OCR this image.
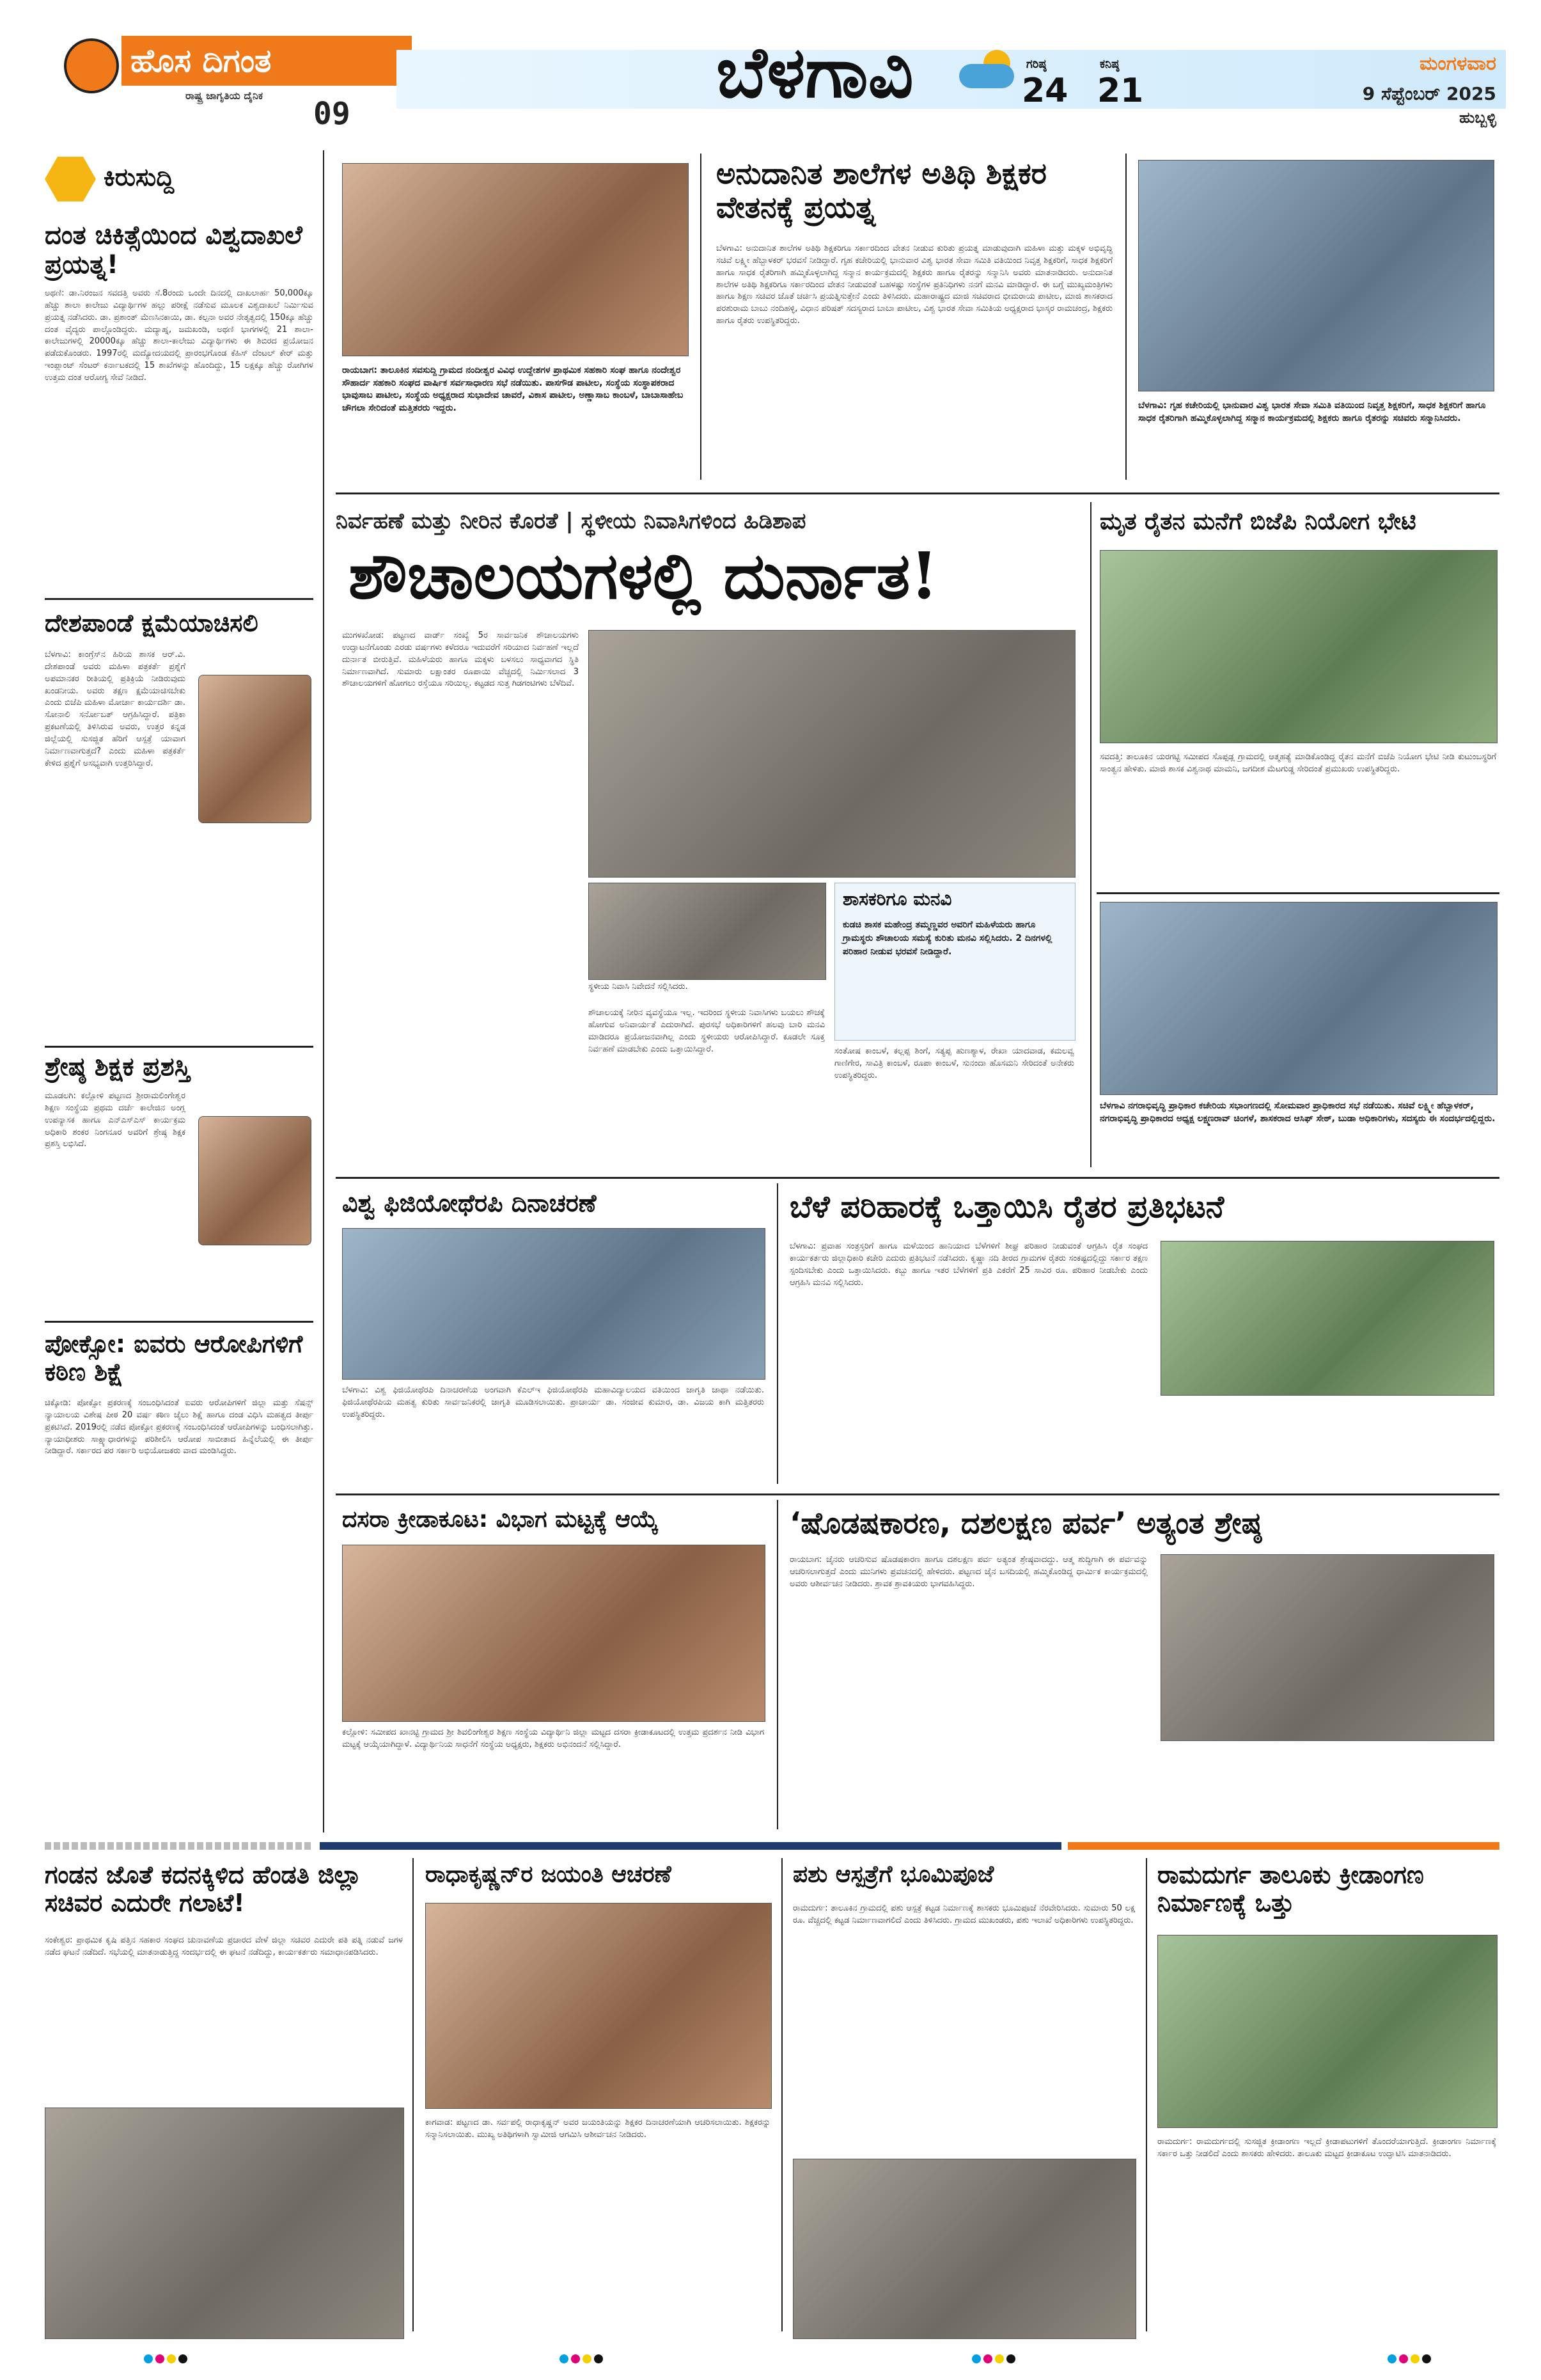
ಹೊಸ ದಿಗಂತ
ರಾಷ್ಟ್ರ ಜಾಗೃತಿಯ ದೈನಿಕ
09
ಬೆಳಗಾವಿ	ಗರಿಷ್ಠ
24
ಕನಿಷ್ಠ
21
ಮಂಗಳವಾರ
9 ಸೆಪ್ಟೆಂಬರ್ 2025
ಹುಬ್ಬಳ್ಳಿ
ಕಿರುಸುದ್ದಿ
ದಂತ ಚಿಕಿತ್ಸೆಯಿಂದ ವಿಶ್ವದಾಖಲೆ ಪ್ರಯತ್ನ!
ಅಥಣಿ: ಡಾ.ನಿರಂಜನ ಸವದತ್ತಿ ಅವರು ಸೆ.8ರಂದು ಒಂದೇ ದಿನದಲ್ಲಿ ದಾಖಲಾರ್ಹ 50,000ಕ್ಕೂ ಹೆಚ್ಚು ಶಾಲಾ ಕಾಲೇಜು ವಿದ್ಯಾರ್ಥಿಗಳ ಹಲ್ಲು ಪರೀಕ್ಷೆ ನಡೆಸುವ ಮೂಲಕ ವಿಶ್ವದಾಖಲೆ ನಿರ್ಮಿಸುವ ಪ್ರಯತ್ನ ನಡೆಸಿದರು. ಡಾ. ಪ್ರಶಾಂತ್ ಮೆಣಸಿನಕಾಯಿ, ಡಾ. ಕಲ್ಪನಾ ಅವರ ನೇತೃತ್ವದಲ್ಲಿ 150ಕ್ಕೂ ಹೆಚ್ಚು ದಂತ ವೈದ್ಯರು ಪಾಲ್ಗೊಂಡಿದ್ದರು. ಮದ್ಯಾಹ್ನ, ಜಮಖಂಡಿ, ಅಥಣಿ ಭಾಗಗಳಲ್ಲಿ 21 ಶಾಲಾ-ಕಾಲೇಜುಗಳಲ್ಲಿ 20000ಕ್ಕೂ ಹೆಚ್ಚು ಶಾಲಾ-ಕಾಲೇಜು ವಿದ್ಯಾರ್ಥಿಗಳು ಈ ಶಿಬಿರದ ಪ್ರಯೋಜನ ಪಡೆದುಕೊಂಡರು. 1997ರಲ್ಲಿ ಮದ್ಯೋದಯದಲ್ಲಿ ಪ್ರಾರಂಭಗೊಂಡ ಕೆಹಿಸ್ ದೆಂಟಲ್ ಕೇರ್ ಮತ್ತು ಇಂಪ್ಲಾಂಟ್ ಸೆಂಟರ್ ಕರ್ನಾಟಕದಲ್ಲಿ 15 ಶಾಖೆಗಳನ್ನು ಹೊಂದಿದ್ದು, 15 ಲಕ್ಷಕ್ಕೂ ಹೆಚ್ಚು ರೋಗಿಗಳ ಉತ್ತಮ ದಂತ ಆರೋಗ್ಯ ಸೇವೆ ನೀಡಿದೆ.
ದೇಶಪಾಂಡೆ ಕ್ಷಮೆಯಾಚಿಸಲಿ
ಬೆಳಗಾವಿ: ಕಾಂಗ್ರೆಸ್‌ನ ಹಿರಿಯ ಶಾಸಕ ಆರ್.ವಿ. ದೇಶಪಾಂಡೆ ಅವರು ಮಹಿಳಾ ಪತ್ರಕರ್ತೆ ಪ್ರಶ್ನೆಗೆ ಅಪಮಾನಕರ ರೀತಿಯಲ್ಲಿ ಪ್ರತಿಕ್ರಿಯೆ ನೀಡಿರುವುದು ಖಂಡನೀಯ. ಅವರು ತಕ್ಷಣ ಕ್ಷಮೆಯಾಚಿಸಬೇಕು ಎಂದು ಬಿಜೆಪಿ ಮಹಿಳಾ ಮೋರ್ಚಾ ಕಾರ್ಯದರ್ಶಿ ಡಾ. ಸೋನಾಲಿ ಸರ್ನೋಬತ್ ಆಗ್ರಹಿಸಿದ್ದಾರೆ. ಪತ್ರಿಕಾ ಪ್ರಕಟಣೆಯಲ್ಲಿ ತಿಳಿಸಿರುವ ಅವರು, ಉತ್ತರ ಕನ್ನಡ ಜಿಲ್ಲೆಯಲ್ಲಿ ಸುಸಜ್ಜಿತ ಹೆರಿಗೆ ಆಸ್ಪತ್ರೆ ಯಾವಾಗ ನಿರ್ಮಾಣವಾಗುತ್ತದೆ? ಎಂದು ಮಹಿಳಾ ಪತ್ರಕರ್ತೆ ಕೇಳಿದ ಪ್ರಶ್ನೆಗೆ ಅಸಭ್ಯವಾಗಿ ಉತ್ತರಿಸಿದ್ದಾರೆ.
ಶ್ರೇಷ್ಠ ಶಿಕ್ಷಕ ಪ್ರಶಸ್ತಿ
ಮೂಡಲಗಿ: ಕಲ್ಲೋಳಿ ಪಟ್ಟಣದ ಶ್ರೀರಾಮಲಿಂಗೇಶ್ವರ ಶಿಕ್ಷಣ ಸಂಸ್ಥೆಯ ಪ್ರಥಮ ದರ್ಜೆ ಕಾಲೇಜಿನ ಅಂಗ್ಲ ಉಪನ್ಯಾಸಕ ಹಾಗೂ ಎನ್‌ಎಸ್‌ಎಸ್ ಕಾರ್ಯಕ್ರಮ ಅಧಿಕಾರಿ ಶಂಕರ ನಿಂಗನೂರ ಅವರಿಗೆ ಶ್ರೇಷ್ಠ ಶಿಕ್ಷಕ ಪ್ರಶಸ್ತಿ ಲಭಿಸಿದೆ.
ಪೋಕ್ಸೋ: ಐವರು ಆರೋಪಿಗಳಿಗೆ ಕಠಿಣ ಶಿಕ್ಷೆ
ಚಿಕ್ಕೋಡಿ: ಪೋಕ್ಸೋ ಪ್ರಕರಣಕ್ಕೆ ಸಂಬಂಧಿಸಿದಂತೆ ಐವರು ಆರೋಪಿಗಳಿಗೆ ಜಿಲ್ಲಾ ಮತ್ತು ಸೆಷನ್ಸ್ ನ್ಯಾಯಾಲಯ ವಿಶೇಷ ಪೀಠ 20 ವರ್ಷ ಕಠಿಣ ಜೈಲು ಶಿಕ್ಷೆ ಹಾಗೂ ದಂಡ ವಿಧಿಸಿ ಮಹತ್ವದ ತೀರ್ಪು ಪ್ರಕಟಿಸಿದೆ. 2019ರಲ್ಲಿ ನಡೆದ ಪೋಕ್ಸೋ ಪ್ರಕರಣಕ್ಕೆ ಸಂಬಂಧಿಸಿದಂತೆ ಆರೋಪಿಗಳನ್ನು ಬಂಧಿಸಲಾಗಿತ್ತು. ನ್ಯಾಯಾಧೀಶರು ಸಾಕ್ಷ್ಯಾಧಾರಗಳನ್ನು ಪರಿಶೀಲಿಸಿ ಆರೋಪ ಸಾಬೀತಾದ ಹಿನ್ನೆಲೆಯಲ್ಲಿ ಈ ತೀರ್ಪು ನೀಡಿದ್ದಾರೆ. ಸರ್ಕಾರದ ಪರ ಸರ್ಕಾರಿ ಅಭಿಯೋಜಕರು ವಾದ ಮಂಡಿಸಿದ್ದರು.
ರಾಯಬಾಗ: ತಾಲೂಕಿನ ಸವಸುದ್ದಿ ಗ್ರಾಮದ ನಂದೀಶ್ವರ ವಿವಿಧ ಉದ್ದೇಶಗಳ ಪ್ರಾಥಮಿಕ ಸಹಕಾರಿ ಸಂಘ ಹಾಗೂ ನಂದೇಶ್ವರ ಸೌಹಾರ್ದ ಸಹಕಾರಿ ಸಂಘದ ವಾರ್ಷಿಕ ಸರ್ವಸಾಧಾರಣ ಸಭೆ ನಡೆಯಿತು. ಪಾಸಗೌಡ ಪಾಟೀಲ, ಸಂಸ್ಥೆಯ ಸಂಸ್ಥಾಪಕರಾದ ಭಾವುಸಾಬ ಪಾಟೀಲ, ಸಂಸ್ಥೆಯ ಅಧ್ಯಕ್ಷರಾದ ಸುಭಾದೇವ ಚಾವರೆ, ವಿಕಾಸ ಪಾಟೀಲ, ಅಣ್ಣಾಸಾಬ ಕಾಂಬಳೆ, ಬಾಬಾಸಾಹೇಬ ಚೌಗಲಾ ಸೇರಿದಂತೆ ಮತ್ತಿತರರು ಇದ್ದರು.
ಅನುದಾನಿತ ಶಾಲೆಗಳ ಅತಿಥಿ ಶಿಕ್ಷಕರ ವೇತನಕ್ಕೆ ಪ್ರಯತ್ನ
ಬೆಳಗಾವಿ: ಅನುದಾನಿತ ಶಾಲೆಗಳ ಅತಿಥಿ ಶಿಕ್ಷಕರಿಗೂ ಸರ್ಕಾರದಿಂದ ವೇತನ ನೀಡುವ ಕುರಿತು ಪ್ರಯತ್ನ ಮಾಡುವುದಾಗಿ ಮಹಿಳಾ ಮತ್ತು ಮಕ್ಕಳ ಅಭಿವೃದ್ಧಿ ಸಚಿವೆ ಲಕ್ಷ್ಮೀ ಹೆಬ್ಬಾಳಕರ್ ಭರವಸೆ ನೀಡಿದ್ದಾರೆ. ಗೃಹ ಕಚೇರಿಯಲ್ಲಿ ಭಾನುವಾರ ವಿಶ್ವ ಭಾರತ ಸೇವಾ ಸಮಿತಿ ವತಿಯಿಂದ ನಿವೃತ್ತ ಶಿಕ್ಷಕರಿಗೆ, ಸಾಧಕ ಶಿಕ್ಷಕರಿಗೆ ಹಾಗೂ ಸಾಧಕ ರೈತರಿಗಾಗಿ ಹಮ್ಮಿಕೊಳ್ಳಲಾಗಿದ್ದ ಸನ್ಮಾನ ಕಾರ್ಯಕ್ರಮದಲ್ಲಿ ಶಿಕ್ಷಕರು ಹಾಗೂ ರೈತರನ್ನು ಸನ್ಮಾನಿಸಿ ಅವರು ಮಾತನಾಡಿದರು. ಅನುದಾನಿತ ಶಾಲೆಗಳ ಅತಿಥಿ ಶಿಕ್ಷಕರಿಗೂ ಸರ್ಕಾರದಿಂದ ವೇತನ ನೀಡುವಂತೆ ಬಹಳಷ್ಟು ಸಂಸ್ಥೆಗಳ ಪ್ರತಿನಿಧಿಗಳು ನನಗೆ ಮನವಿ ಮಾಡಿದ್ದಾರೆ. ಈ ಬಗ್ಗೆ ಮುಖ್ಯಮಂತ್ರಿಗಳು ಹಾಗೂ ಶಿಕ್ಷಣ ಸಚಿವರ ಜೊತೆ ಚರ್ಚಿಸಿ ಪ್ರಯತ್ನಿಸುತ್ತೇನೆ ಎಂದು ತಿಳಿಸಿದರು. ಮಹಾರಾಷ್ಟ್ರದ ಮಾಜಿ ಸಚಿವರಾದ ಭೀಮರಾಯ ಪಾಟೀಲ, ಮಾಜಿ ಶಾಸಕರಾದ ಪರಶುರಾಮ ಬಾಬು ನಂದಿಹಳ್ಳಿ, ವಿಧಾನ ಪರಿಷತ್ ಸದಸ್ಯರಾದ ಬಾಬಾ ಪಾಟೀಲ, ವಿಶ್ವ ಭಾರತ ಸೇವಾ ಸಮಿತಿಯ ಅಧ್ಯಕ್ಷರಾದ ಭಾಸ್ಕರ ರಾಮಚಂದ್ರ, ಶಿಕ್ಷಕರು ಹಾಗೂ ರೈತರು ಉಪಸ್ಥಿತರಿದ್ದರು.
ಬೆಳಗಾವಿ: ಗೃಹ ಕಚೇರಿಯಲ್ಲಿ ಭಾನುವಾರ ವಿಶ್ವ ಭಾರತ ಸೇವಾ ಸಮಿತಿ ವತಿಯಿಂದ ನಿವೃತ್ತ ಶಿಕ್ಷಕರಿಗೆ, ಸಾಧಕ ಶಿಕ್ಷಕರಿಗೆ ಹಾಗೂ ಸಾಧಕ ರೈತರಿಗಾಗಿ ಹಮ್ಮಿಕೊಳ್ಳಲಾಗಿದ್ದ ಸನ್ಮಾನ ಕಾರ್ಯಕ್ರಮದಲ್ಲಿ ಶಿಕ್ಷಕರು ಹಾಗೂ ರೈತರನ್ನು ಸಚಿವರು ಸನ್ಮಾನಿಸಿದರು.
ನಿರ್ವಹಣೆ ಮತ್ತು ನೀರಿನ ಕೊರತೆ | ಸ್ಥಳೀಯ ನಿವಾಸಿಗಳಿಂದ ಹಿಡಿಶಾಪ
ಶೌಚಾಲಯಗಳಲ್ಲಿ ದುರ್ನಾತ!
ಮುಗಳಖೋಡ: ಪಟ್ಟಣದ ವಾರ್ಡ್ ಸಂಖ್ಯೆ 5ರ ಸಾರ್ವಜನಿಕ ಶೌಚಾಲಯಗಳು ಉದ್ಘಾಟನೆಗೊಂಡು ಎರಡು ವರ್ಷಗಳು ಕಳೆದರೂ ಇದುವರೆಗೆ ಸರಿಯಾದ ನಿರ್ವಹಣೆ ಇಲ್ಲದೆ ದುರ್ನಾತ ಬೀರುತ್ತಿವೆ. ಮಹಿಳೆಯರು ಹಾಗೂ ಮಕ್ಕಳು ಬಳಸಲು ಸಾಧ್ಯವಾಗದ ಸ್ಥಿತಿ ನಿರ್ಮಾಣವಾಗಿದೆ. ಸುಮಾರು ಲಕ್ಷಾಂತರ ರೂಪಾಯಿ ವೆಚ್ಚದಲ್ಲಿ ನಿರ್ಮಿಸಲಾದ 3 ಶೌಚಾಲಯಗಳಿಗೆ ಹೋಗಲು ರಸ್ತೆಯೂ ಸರಿಯಿಲ್ಲ. ಕಟ್ಟಡದ ಸುತ್ತ ಗಿಡಗಂಟಿಗಳು ಬೆಳೆದಿವೆ.
ಸ್ಥಳೀಯ ನಿವಾಸಿ ನಿವೇದನೆ ಸಲ್ಲಿಸಿದರು.
ಶಾಸಕರಿಗೂ ಮನವಿ
ಕುಡಚಿ ಶಾಸಕ ಮಹೇಂದ್ರ ತಮ್ಮಣ್ಣವರ ಅವರಿಗೆ ಮಹಿಳೆಯರು ಹಾಗೂ ಗ್ರಾಮಸ್ಥರು ಶೌಚಾಲಯ ಸಮಸ್ಯೆ ಕುರಿತು ಮನವಿ ಸಲ್ಲಿಸಿದರು. 2 ದಿನಗಳಲ್ಲಿ ಪರಿಹಾರ ನೀಡುವ ಭರವಸೆ ನೀಡಿದ್ದಾರೆ.
ಶೌಚಾಲಯಕ್ಕೆ ನೀರಿನ ವ್ಯವಸ್ಥೆಯೂ ಇಲ್ಲ. ಇದರಿಂದ ಸ್ಥಳೀಯ ನಿವಾಸಿಗಳು ಬಯಲು ಶೌಚಕ್ಕೆ ಹೋಗುವ ಅನಿವಾರ್ಯತೆ ಎದುರಾಗಿದೆ. ಪುರಸಭೆ ಅಧಿಕಾರಿಗಳಿಗೆ ಹಲವು ಬಾರಿ ಮನವಿ ಮಾಡಿದರೂ ಪ್ರಯೋಜನವಾಗಿಲ್ಲ ಎಂದು ಸ್ಥಳೀಯರು ಆರೋಪಿಸಿದ್ದಾರೆ. ಕೂಡಲೇ ಸೂಕ್ತ ನಿರ್ವಹಣೆ ಮಾಡಬೇಕು ಎಂದು ಒತ್ತಾಯಿಸಿದ್ದಾರೆ.	ಸಂತೋಷ ಕಾಂಬಳೆ, ಕಲ್ಲಪ್ಪ ಶಿಂಗೆ, ಸತ್ಯಪ್ಪ ಹುಣಶ್ಯಾಳ, ರೇಖಾ ಯಾದವಾಡ, ಕಮಲವ್ವ ಗಾಣಿಗೇರ, ಸಾವಿತ್ರಿ ಕಾಂಬಳೆ, ರೂಪಾ ಕಾಂಬಳೆ, ಸುನಂದಾ ಹೊಸಮನಿ ಸೇರಿದಂತೆ ಅನೇಕರು ಉಪಸ್ಥಿತರಿದ್ದರು.
ಮೃತ ರೈತನ ಮನೆಗೆ ಬಿಜೆಪಿ ನಿಯೋಗ ಭೇಟಿ
ಸವದತ್ತಿ: ತಾಲೂಕಿನ ಯರಗಟ್ಟಿ ಸಮೀಪದ ಸೊಪ್ಪಡ್ಲ ಗ್ರಾಮದಲ್ಲಿ ಆತ್ಮಹತ್ಯೆ ಮಾಡಿಕೊಂಡಿದ್ದ ರೈತನ ಮನೆಗೆ ಬಿಜೆಪಿ ನಿಯೋಗ ಭೇಟಿ ನೀಡಿ ಕುಟುಂಬಸ್ಥರಿಗೆ ಸಾಂತ್ವನ ಹೇಳಿತು. ಮಾಜಿ ಶಾಸಕ ವಿಶ್ವನಾಥ ಮಾಮನಿ, ಜಗದೀಶ ಮೆಟಗುಡ್ಡ ಸೇರಿದಂತೆ ಪ್ರಮುಖರು ಉಪಸ್ಥಿತರಿದ್ದರು.
ಬೆಳಗಾವಿ ನಗರಾಭಿವೃದ್ಧಿ ಪ್ರಾಧಿಕಾರ ಕಚೇರಿಯ ಸಭಾಂಗಣದಲ್ಲಿ ಸೋಮವಾರ ಪ್ರಾಧಿಕಾರದ ಸಭೆ ನಡೆಯಿತು. ಸಚಿವೆ ಲಕ್ಷ್ಮೀ ಹೆಬ್ಬಾಳಕರ್, ನಗರಾಭಿವೃದ್ಧಿ ಪ್ರಾಧಿಕಾರದ ಅಧ್ಯಕ್ಷ ಲಕ್ಷ್ಮಣರಾವ್ ಚಿಂಗಳೆ, ಶಾಸಕರಾದ ಆಸಿಫ್ ಸೇಠ್, ಬುಡಾ ಅಧಿಕಾರಿಗಳು, ಸದಸ್ಯರು ಈ ಸಂದರ್ಭದಲ್ಲಿದ್ದರು.
ವಿಶ್ವ ಫಿಜಿಯೋಥೆರಪಿ ದಿನಾಚರಣೆ
ಬೆಳಗಾವಿ: ವಿಶ್ವ ಫಿಜಿಯೋಥೆರಪಿ ದಿನಾಚರಣೆಯ ಅಂಗವಾಗಿ ಕೆಎಲ್‌ಇ ಫಿಜಿಯೋಥೆರಪಿ ಮಹಾವಿದ್ಯಾಲಯದ ವತಿಯಿಂದ ಜಾಗೃತಿ ಜಾಥಾ ನಡೆಯಿತು. ಫಿಜಿಯೋಥೆರಪಿಯ ಮಹತ್ವ ಕುರಿತು ಸಾರ್ವಜನಿಕರಲ್ಲಿ ಜಾಗೃತಿ ಮೂಡಿಸಲಾಯಿತು. ಪ್ರಾಚಾರ್ಯ ಡಾ. ಸಂಜೀವ ಕುಮಾರ, ಡಾ. ವಿಜಯ ಕಾಗಿ ಮತ್ತಿತರರು ಉಪಸ್ಥಿತರಿದ್ದರು.
ಬೆಳೆ ಪರಿಹಾರಕ್ಕೆ ಒತ್ತಾಯಿಸಿ ರೈತರ ಪ್ರತಿಭಟನೆ
ಬೆಳಗಾವಿ: ಪ್ರವಾಹ ಸಂತ್ರಸ್ತರಿಗೆ ಹಾಗೂ ಮಳೆಯಿಂದ ಹಾನಿಯಾದ ಬೆಳೆಗಳಿಗೆ ಶೀಘ್ರ ಪರಿಹಾರ ನೀಡುವಂತೆ ಆಗ್ರಹಿಸಿ ರೈತ ಸಂಘದ ಕಾರ್ಯಕರ್ತರು ಜಿಲ್ಲಾಧಿಕಾರಿ ಕಚೇರಿ ಎದುರು ಪ್ರತಿಭಟನೆ ನಡೆಸಿದರು. ಕೃಷ್ಣಾ ನದಿ ತೀರದ ಗ್ರಾಮಗಳ ರೈತರು ಸಂಕಷ್ಟದಲ್ಲಿದ್ದು ಸರ್ಕಾರ ತಕ್ಷಣ ಸ್ಪಂದಿಸಬೇಕು ಎಂದು ಒತ್ತಾಯಿಸಿದರು. ಕಬ್ಬು ಹಾಗೂ ಇತರ ಬೆಳೆಗಳಿಗೆ ಪ್ರತಿ ಎಕರೆಗೆ 25 ಸಾವಿರ ರೂ. ಪರಿಹಾರ ನೀಡಬೇಕು ಎಂದು ಆಗ್ರಹಿಸಿ ಮನವಿ ಸಲ್ಲಿಸಿದರು.
ದಸರಾ ಕ್ರೀಡಾಕೂಟ: ವಿಭಾಗ ಮಟ್ಟಕ್ಕೆ ಆಯ್ಕೆ
ಕಲ್ಲೋಳಿ: ಸಮೀಪದ ಖಾನಟ್ಟಿ ಗ್ರಾಮದ ಶ್ರೀ ಶಿವಲಿಂಗೇಶ್ವರ ಶಿಕ್ಷಣ ಸಂಸ್ಥೆಯ ವಿದ್ಯಾರ್ಥಿನಿ ಜಿಲ್ಲಾ ಮಟ್ಟದ ದಸರಾ ಕ್ರೀಡಾಕೂಟದಲ್ಲಿ ಉತ್ತಮ ಪ್ರದರ್ಶನ ನೀಡಿ ವಿಭಾಗ ಮಟ್ಟಕ್ಕೆ ಆಯ್ಕೆಯಾಗಿದ್ದಾಳೆ. ವಿದ್ಯಾರ್ಥಿನಿಯ ಸಾಧನೆಗೆ ಸಂಸ್ಥೆಯ ಅಧ್ಯಕ್ಷರು, ಶಿಕ್ಷಕರು ಅಭಿನಂದನೆ ಸಲ್ಲಿಸಿದ್ದಾರೆ.
‘ಷೊಡಷಕಾರಣ, ದಶಲಕ್ಷಣ ಪರ್ವ’ ಅತ್ಯಂತ ಶ್ರೇಷ್ಠ
ರಾಯಬಾಗ: ಜೈನರು ಆಚರಿಸುವ ಷೊಡಷಕಾರಣ ಹಾಗೂ ದಶಲಕ್ಷಣ ಪರ್ವ ಅತ್ಯಂತ ಶ್ರೇಷ್ಠವಾದದ್ದು. ಆತ್ಮ ಶುದ್ಧಿಗಾಗಿ ಈ ಪರ್ವವನ್ನು ಆಚರಿಸಲಾಗುತ್ತದೆ ಎಂದು ಮುನಿಗಳು ಪ್ರವಚನದಲ್ಲಿ ಹೇಳಿದರು. ಪಟ್ಟಣದ ಜೈನ ಬಸದಿಯಲ್ಲಿ ಹಮ್ಮಿಕೊಂಡಿದ್ದ ಧಾರ್ಮಿಕ ಕಾರ್ಯಕ್ರಮದಲ್ಲಿ ಅವರು ಆಶೀರ್ವಚನ ನೀಡಿದರು. ಶ್ರಾವಕ ಶ್ರಾವಕಿಯರು ಭಾಗವಹಿಸಿದ್ದರು.
ಗಂಡನ ಜೊತೆ ಕದನಕ್ಕಿಳಿದ ಹೆಂಡತಿ ಜಿಲ್ಲಾ ಸಚಿವರ ಎದುರೇ ಗಲಾಟೆ!
ಸಂಕೇಶ್ವರ: ಪ್ರಾಥಮಿಕ ಕೃಷಿ ಪತ್ತಿನ ಸಹಕಾರ ಸಂಘದ ಚುನಾವಣೆಯ ಪ್ರಚಾರದ ವೇಳೆ ಜಿಲ್ಲಾ ಸಚಿವರ ಎದುರೇ ಪತಿ ಪತ್ನಿ ನಡುವೆ ಜಗಳ ನಡೆದ ಘಟನೆ ನಡೆದಿದೆ. ಸಭೆಯಲ್ಲಿ ಮಾತನಾಡುತ್ತಿದ್ದ ಸಂದರ್ಭದಲ್ಲಿ ಈ ಘಟನೆ ನಡೆದಿದ್ದು, ಕಾರ್ಯಕರ್ತರು ಸಮಾಧಾನಪಡಿಸಿದರು.
ರಾಧಾಕೃಷ್ಣನ್‌ರ ಜಯಂತಿ ಆಚರಣೆ
ಕಾಗವಾಡ: ಪಟ್ಟಣದ ಡಾ. ಸರ್ವಪಲ್ಲಿ ರಾಧಾಕೃಷ್ಣನ್ ಅವರ ಜಯಂತಿಯನ್ನು ಶಿಕ್ಷಕರ ದಿನಾಚರಣೆಯಾಗಿ ಆಚರಿಸಲಾಯಿತು. ಶಿಕ್ಷಕರನ್ನು ಸನ್ಮಾನಿಸಲಾಯಿತು. ಮುಖ್ಯ ಅತಿಥಿಗಳಾಗಿ ಸ್ವಾಮೀಜಿ ಆಗಮಿಸಿ ಆಶೀರ್ವಚನ ನೀಡಿದರು.
ಪಶು ಆಸ್ಪತ್ರೆಗೆ ಭೂಮಿಪೂಜೆ
ರಾಮದುರ್ಗ: ತಾಲೂಕಿನ ಗ್ರಾಮದಲ್ಲಿ ಪಶು ಆಸ್ಪತ್ರೆ ಕಟ್ಟಡ ನಿರ್ಮಾಣಕ್ಕೆ ಶಾಸಕರು ಭೂಮಿಪೂಜೆ ನೆರವೇರಿಸಿದರು. ಸುಮಾರು 50 ಲಕ್ಷ ರೂ. ವೆಚ್ಚದಲ್ಲಿ ಕಟ್ಟಡ ನಿರ್ಮಾಣವಾಗಲಿದೆ ಎಂದು ತಿಳಿಸಿದರು. ಗ್ರಾಮದ ಮುಖಂಡರು, ಪಶು ಇಲಾಖೆ ಅಧಿಕಾರಿಗಳು ಉಪಸ್ಥಿತರಿದ್ದರು.
ರಾಮದುರ್ಗ ತಾಲೂಕು ಕ್ರೀಡಾಂಗಣ ನಿರ್ಮಾಣಕ್ಕೆ ಒತ್ತು
ರಾಮದುರ್ಗ: ರಾಮದುರ್ಗದಲ್ಲಿ ಸುಸಜ್ಜಿತ ಕ್ರೀಡಾಂಗಣ ಇಲ್ಲದೆ ಕ್ರೀಡಾಪಟುಗಳಿಗೆ ತೊಂದರೆಯಾಗುತ್ತಿದೆ. ಕ್ರೀಡಾಂಗಣ ನಿರ್ಮಾಣಕ್ಕೆ ಸರ್ಕಾರ ಒತ್ತು ನೀಡಲಿದೆ ಎಂದು ಶಾಸಕರು ಹೇಳಿದರು. ತಾಲೂಕು ಮಟ್ಟದ ಕ್ರೀಡಾಕೂಟ ಉದ್ಘಾಟಿಸಿ ಮಾತನಾಡಿದರು.
